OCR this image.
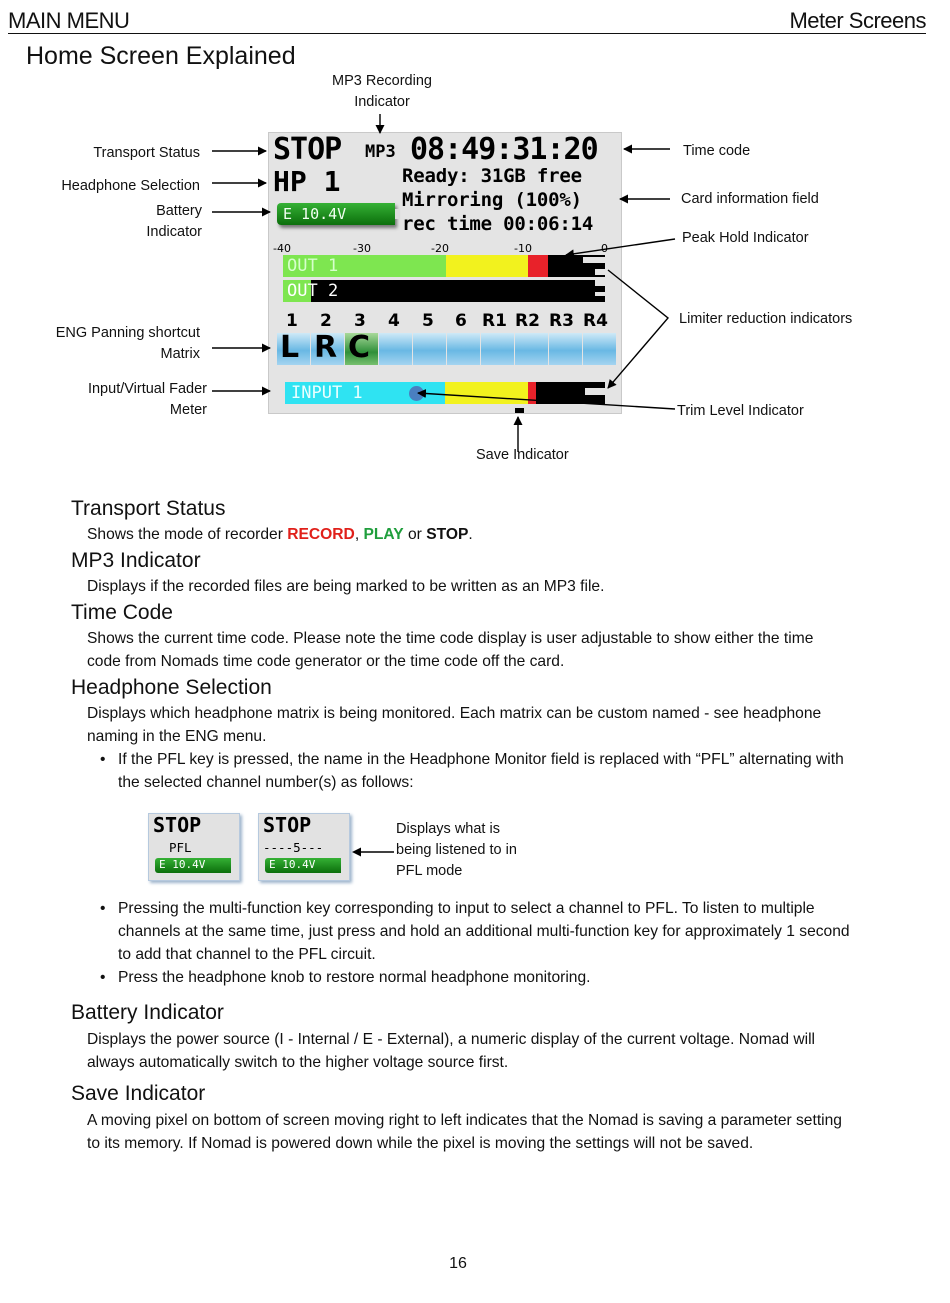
MAIN MENU	Meter Screens
Home Screen Explained
MP3 Recording Indicator
Transport Status
Headphone Selection
Battery Indicator
ENG Panning shortcut Matrix
Input/Virtual Fader Meter
Time code
Card information field
Peak Hold Indicator
Limiter reduction indicators
Trim Level Indicator
Save Indicator
STOP MP3 08:49:31:20
HP 1	Ready: 31GB free
Mirroring (100%)
rec time 00:06:14
E 10.4V
-40	-30	-20	-10	0
OUT 1
OUT 2
1 2 3 4 5 6 R1 R2 R3 R4
L R C
INPUT 1
Transport Status
Shows the mode of recorder RECORD, PLAY or STOP.
MP3 Indicator
Displays if the recorded files are being marked to be written as an MP3 file.
Time Code
Shows the current time code. Please note the time code display is user adjustable to show either the time
code from Nomads time code generator or the time code off the card.
Headphone Selection
Displays which headphone matrix is being monitored. Each matrix can be custom named - see headphone
naming in the ENG menu.
• If the PFL key is pressed, the name in the Headphone Monitor field is replaced with “PFL” alternating with
the selected channel number(s) as follows:
STOP
PFL
E 10.4V
STOP
----5---
E 10.4V
Displays what is
being listened to in
PFL mode
• Pressing the multi-function key corresponding to input to select a channel to PFL. To listen to multiple
channels at the same time, just press and hold an additional multi-function key for approximately 1 second
to add that channel to the PFL circuit.
• Press the headphone knob to restore normal headphone monitoring.
Battery Indicator
Displays the power source (I - Internal / E - External), a numeric display of the current voltage. Nomad will
always automatically switch to the higher voltage source first.
Save Indicator
A moving pixel on bottom of screen moving right to left indicates that the Nomad is saving a parameter setting
to its memory. If Nomad is powered down while the pixel is moving the settings will not be saved.
16
